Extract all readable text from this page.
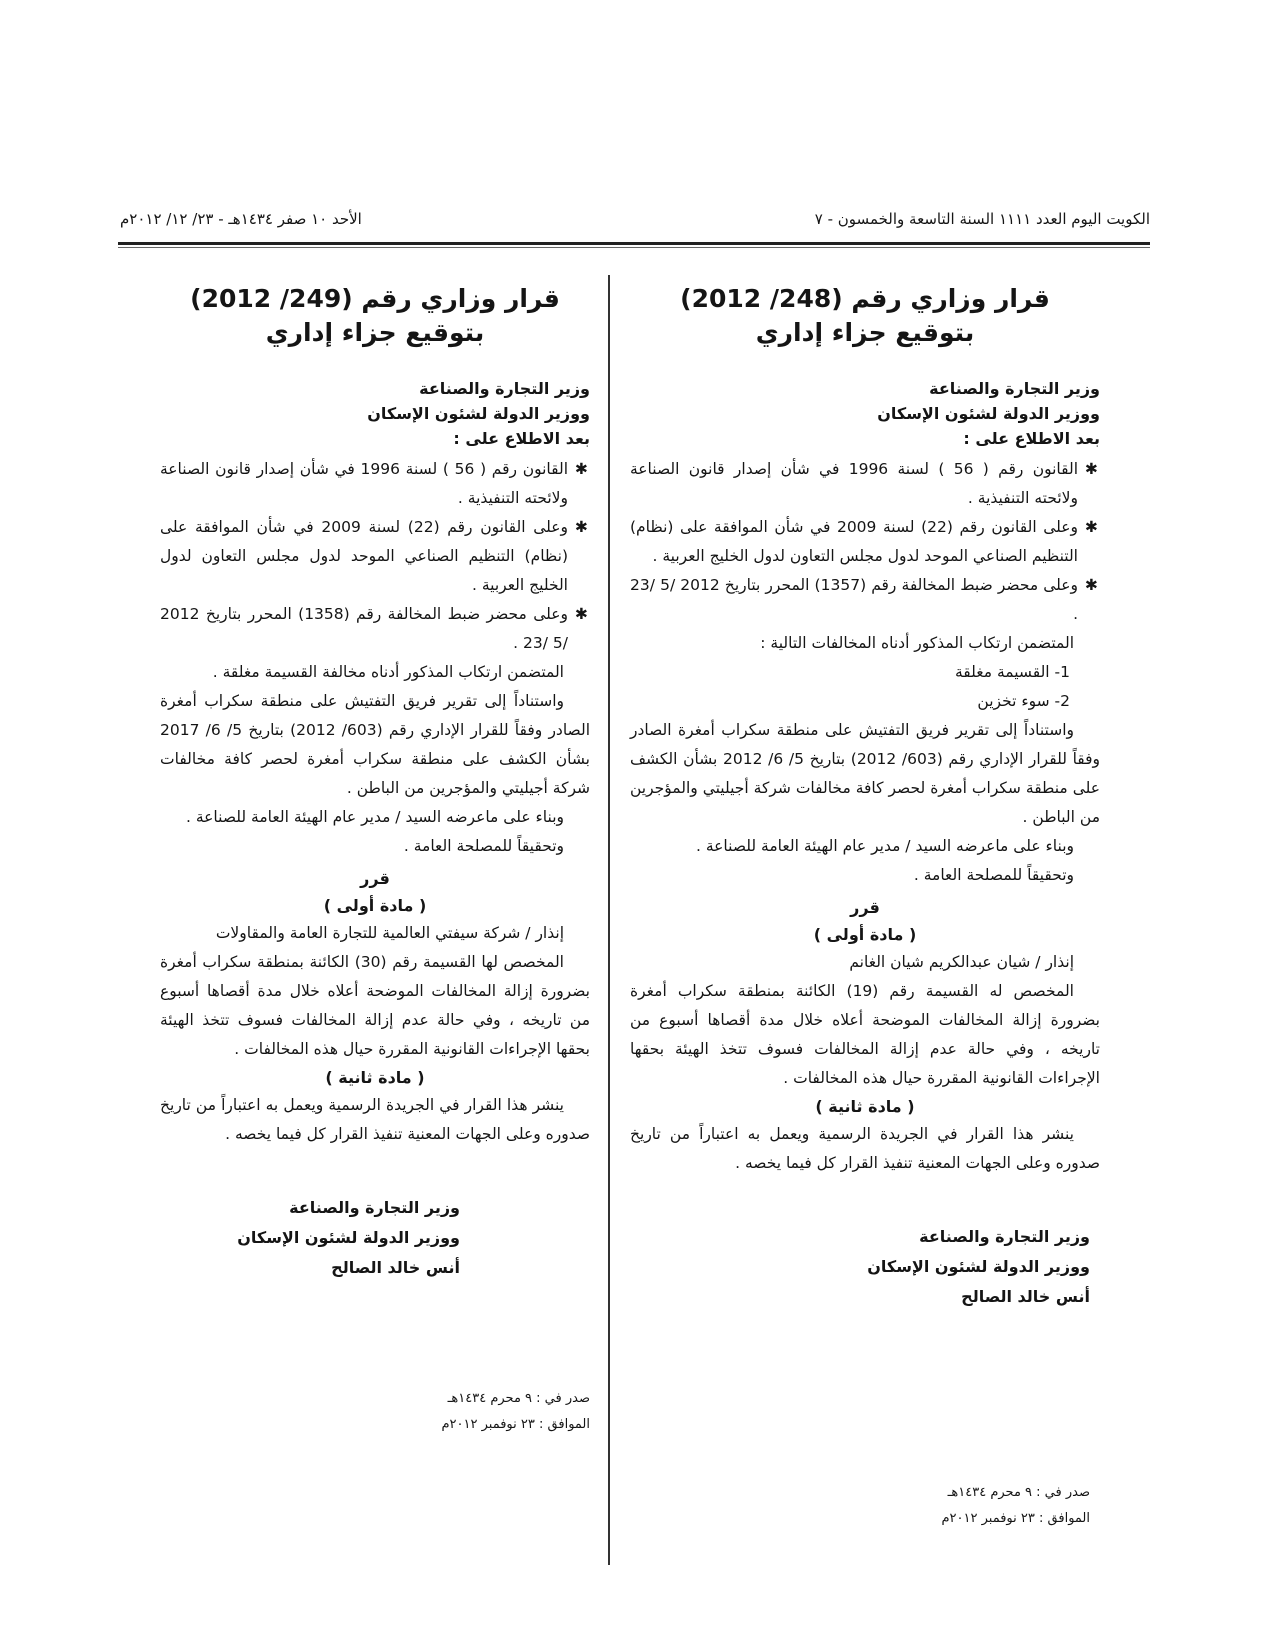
الكويت اليوم العدد ١١١١ السنة التاسعة والخمسون - ٧
الأحد ١٠ صفر ١٤٣٤هـ - ٢٣/ ١٢/ ٢٠١٢م
قرار وزاري رقم (248/ 2012)
بتوقيع جزاء إداري
وزير التجارة والصناعة
ووزير الدولة لشئون الإسكان
بعد الاطلاع على :

✱
القانون رقم ( 56 ) لسنة 1996 في شأن إصدار قانون الصناعة ولائحته التنفيذية .

✱
وعلى القانون رقم (22) لسنة 2009 في شأن الموافقة على (نظام) التنظيم الصناعي الموحد لدول مجلس التعاون لدول الخليج العربية .

✱
وعلى محضر ضبط المخالفة رقم (1357) المحرر بتاريخ 2012 /5 /23 .

المتضمن ارتكاب المذكور أدناه المخالفات التالية :

1- القسيمة مغلقة

2- سوء تخزين

واستناداً إلى تقرير فريق التفتيش على منطقة سكراب أمغرة الصادر وفقاً للقرار الإداري رقم (603/ 2012) بتاريخ 5/ 6/ 2012 بشأن الكشف على منطقة سكراب أمغرة لحصر كافة مخالفات شركة أجيليتي والمؤجرين من الباطن .

وبناء على ماعرضه السيد / مدير عام الهيئة العامة للصناعة .

وتحقيقاً للمصلحة العامة .

قرر
( مادة أولى )

إنذار / شيان عبدالكريم شيان الغانم

المخصص له القسيمة رقم (19) الكائنة بمنطقة سكراب أمغرة بضرورة إزالة المخالفات الموضحة أعلاه خلال مدة أقصاها أسبوع من تاريخه ، وفي حالة عدم إزالة المخالفات فسوف تتخذ الهيئة بحقها الإجراءات القانونية المقررة حيال هذه المخالفات .

( مادة ثانية )

ينشر هذا القرار في الجريدة الرسمية ويعمل به اعتباراً من تاريخ صدوره وعلى الجهات المعنية تنفيذ القرار كل فيما يخصه .

وزير التجارة والصناعة
ووزير الدولة لشئون الإسكان
أنس خالد الصالح
صدر في : ٩ محرم ١٤٣٤هـ
الموافق : ٢٣ نوفمبر ٢٠١٢م
قرار وزاري رقم (249/ 2012)
بتوقيع جزاء إداري
وزير التجارة والصناعة
ووزير الدولة لشئون الإسكان
بعد الاطلاع على :

✱
القانون رقم ( 56 ) لسنة 1996 في شأن إصدار قانون الصناعة ولائحته التنفيذية .

✱
وعلى القانون رقم (22) لسنة 2009 في شأن الموافقة على (نظام) التنظيم الصناعي الموحد لدول مجلس التعاون لدول الخليج العربية .

✱
وعلى محضر ضبط المخالفة رقم (1358) المحرر بتاريخ 2012 /5 /23 .

المتضمن ارتكاب المذكور أدناه مخالفة القسيمة مغلقة .

واستناداً إلى تقرير فريق التفتيش على منطقة سكراب أمغرة الصادر وفقاً للقرار الإداري رقم (603/ 2012) بتاريخ 5/ 6/ 2017 بشأن الكشف على منطقة سكراب أمغرة لحصر كافة مخالفات شركة أجيليتي والمؤجرين من الباطن .

وبناء على ماعرضه السيد / مدير عام الهيئة العامة للصناعة .

وتحقيقاً للمصلحة العامة .

قرر
( مادة أولى )

إنذار / شركة سيفتي العالمية للتجارة العامة والمقاولات

المخصص لها القسيمة رقم (30) الكائنة بمنطقة سكراب أمغرة بضرورة إزالة المخالفات الموضحة أعلاه خلال مدة أقصاها أسبوع من تاريخه ، وفي حالة عدم إزالة المخالفات فسوف تتخذ الهيئة بحقها الإجراءات القانونية المقررة حيال هذه المخالفات .

( مادة ثانية )

ينشر هذا القرار في الجريدة الرسمية ويعمل به اعتباراً من تاريخ صدوره وعلى الجهات المعنية تنفيذ القرار كل فيما يخصه .

وزير التجارة والصناعة
ووزير الدولة لشئون الإسكان
أنس خالد الصالح
صدر في : ٩ محرم ١٤٣٤هـ
الموافق : ٢٣ نوفمبر ٢٠١٢م
